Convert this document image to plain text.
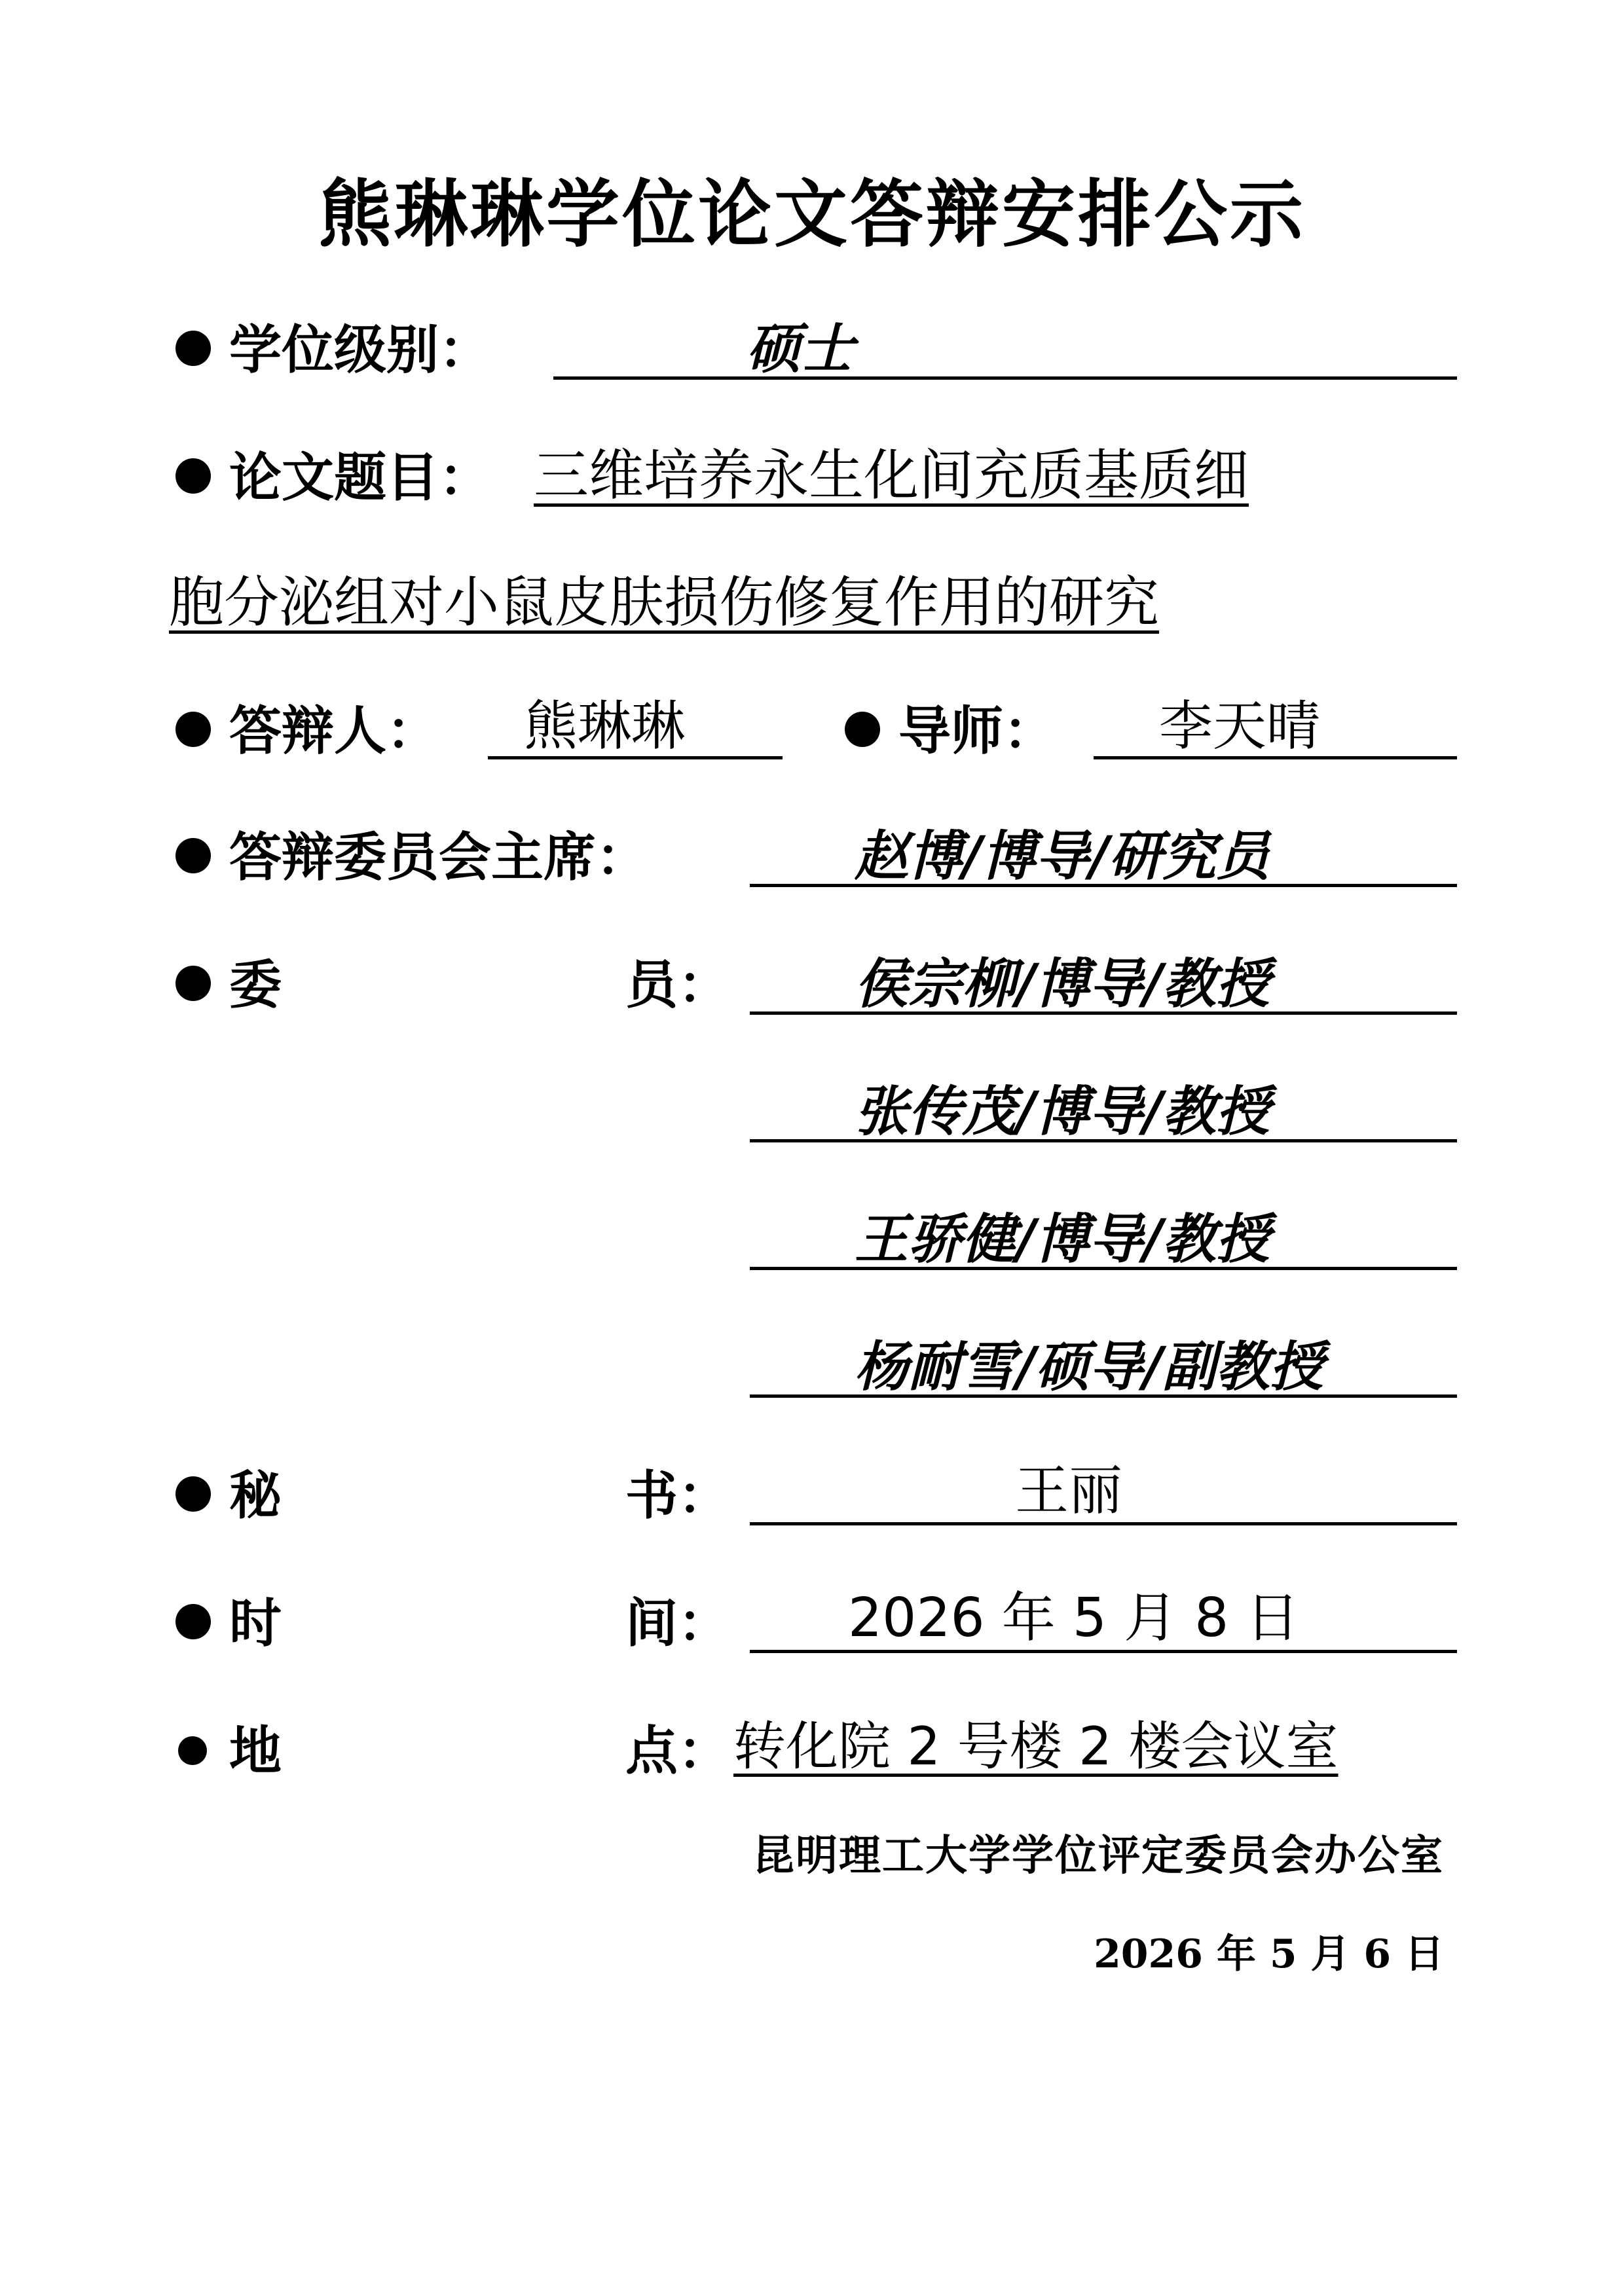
熊琳琳学位论文答辩安排公示
学位级别：	硕士
论文题目： 三维培养永生化间充质基质细
胞分泌组对小鼠皮肤损伤修复作用的研究
答辩人： 熊琳琳	导师： 李天晴
答辩委员会主席：	赵博/博导/研究员
委	员： 侯宗柳/博导/教授
张传茂/博导/教授
王骄健/博导/教授
杨耐雪/硕导/副教授
秘	书：	王丽
时	间： 2026 年 5 月 8 日
地	点： 转化院 2 号楼 2 楼会议室
昆明理工大学学位评定委员会办公室
2026 年 5 月 6 日
